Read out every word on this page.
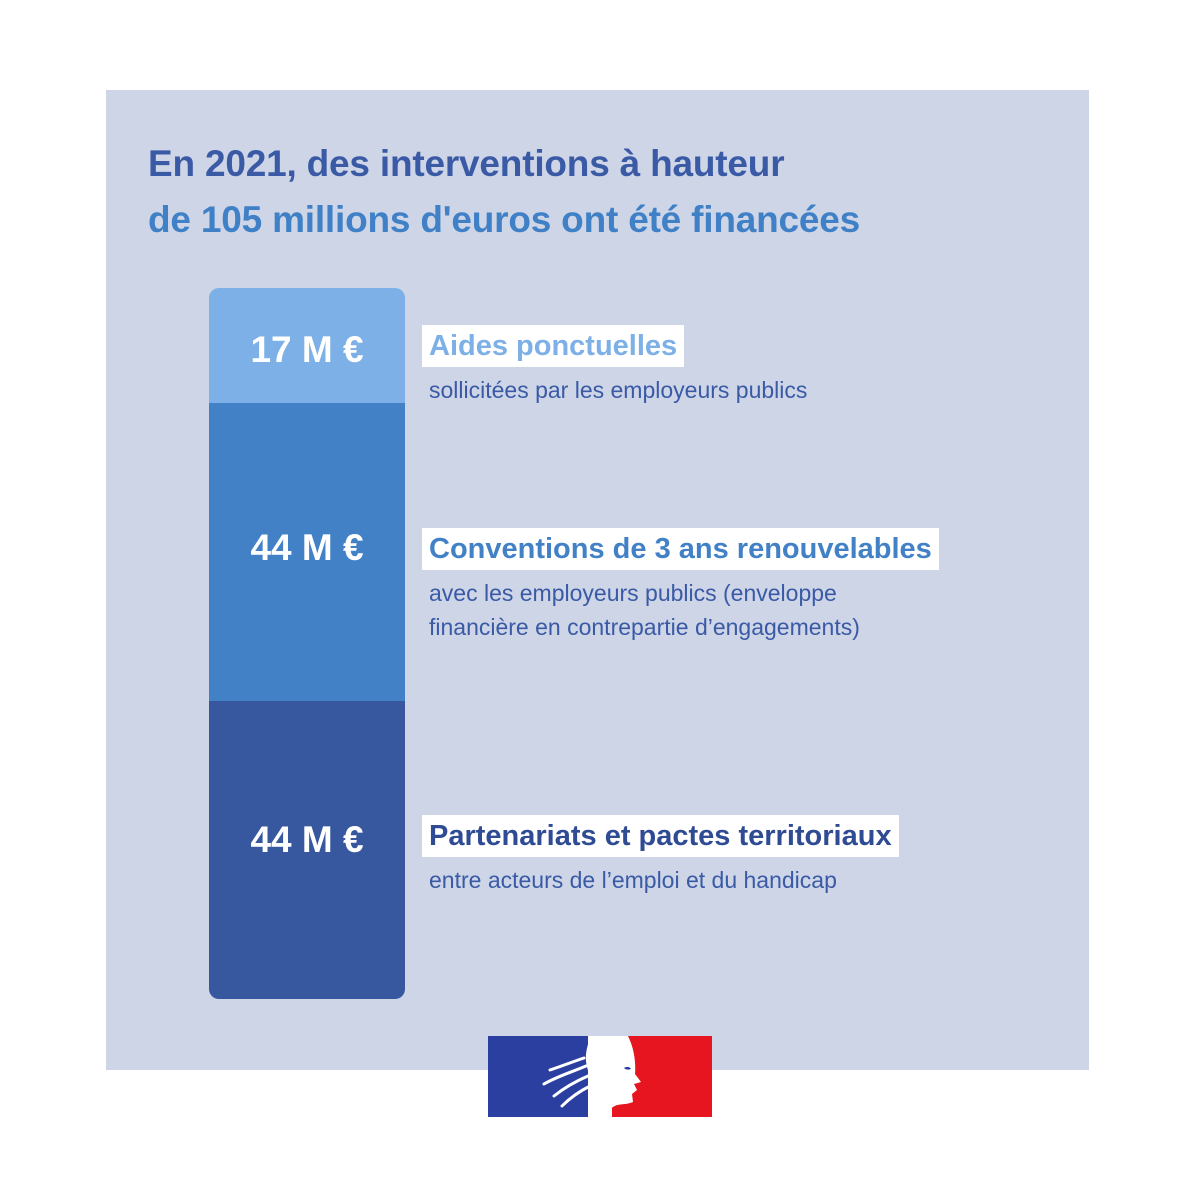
En 2021, des interventions à hauteur
de 105 millions d'euros ont été financées
17 M €
44 M €
44 M €
Aides ponctuelles
sollicitées par les employeurs publics
Conventions de 3 ans renouvelables
avec les employeurs publics (enveloppe
financière en contrepartie d’engagements)
Partenariats et pactes territoriaux
entre acteurs de l’emploi et du handicap
